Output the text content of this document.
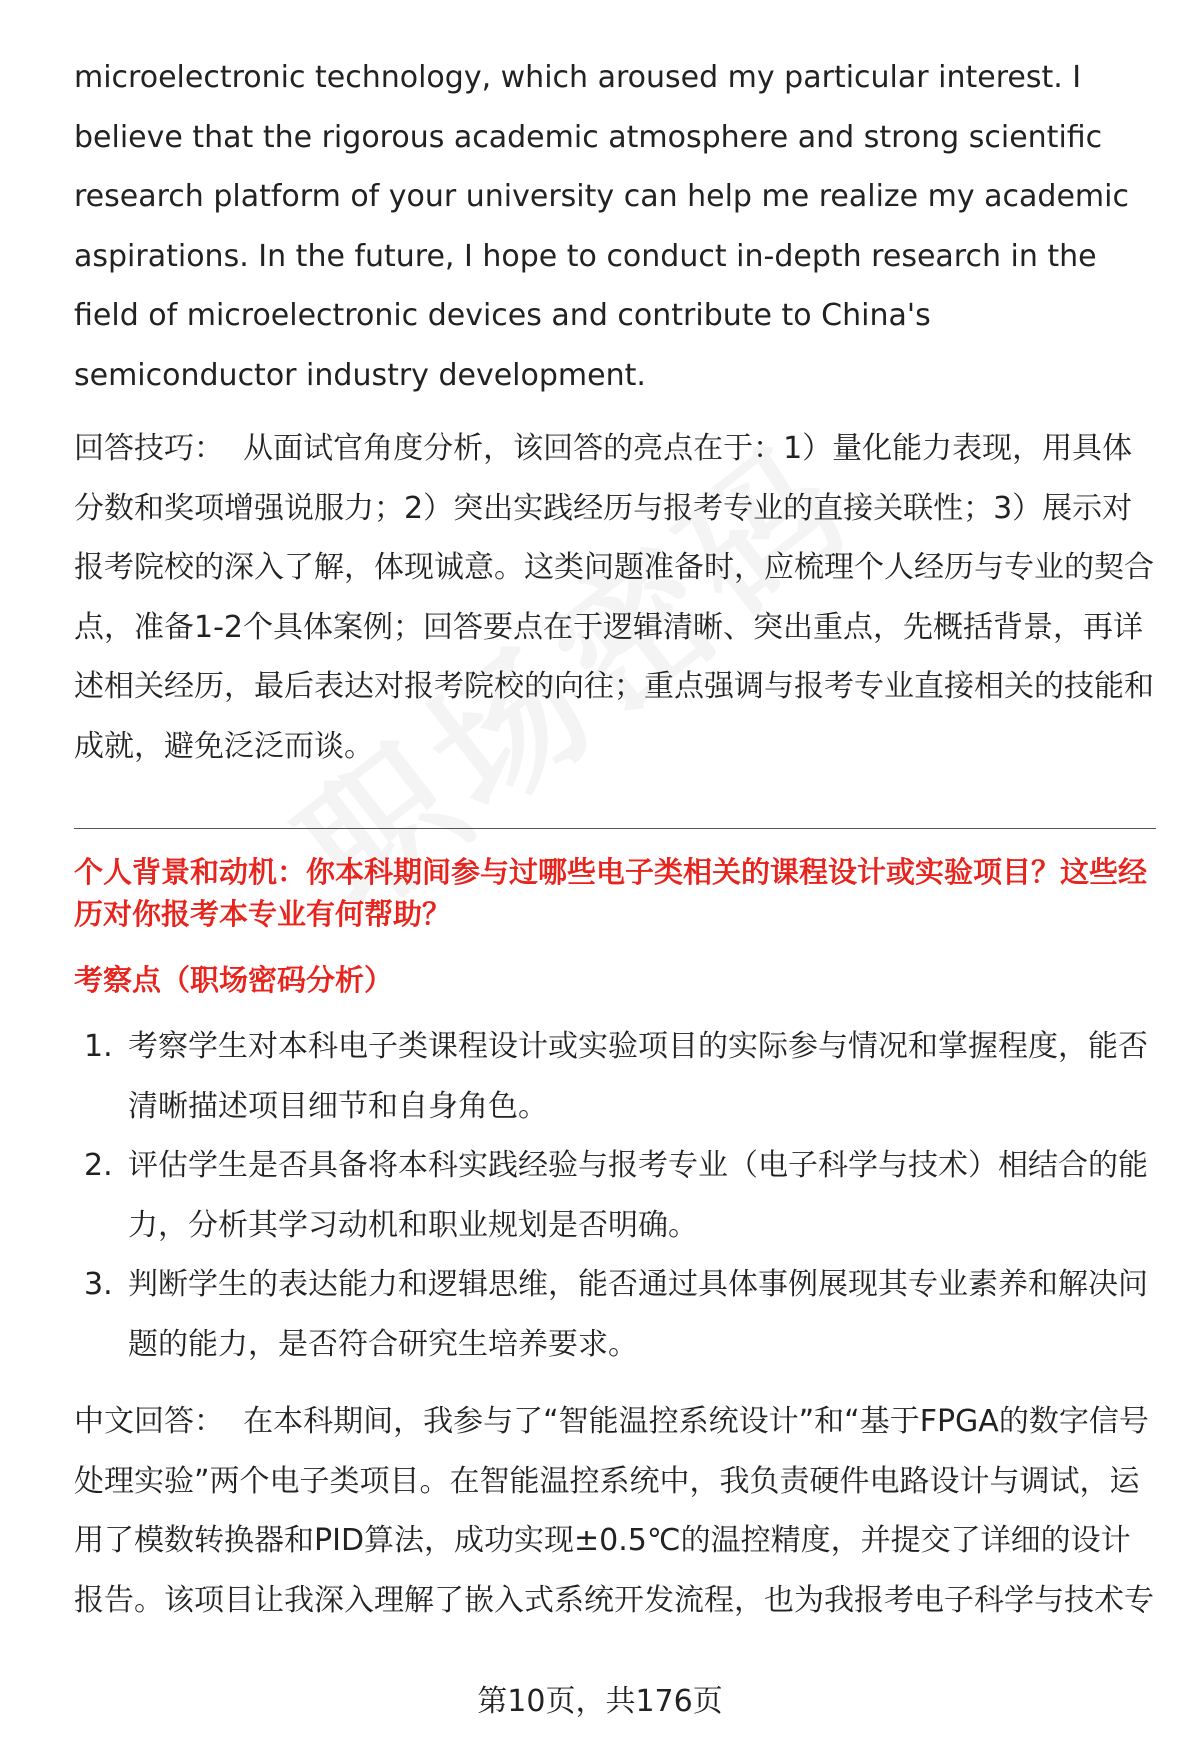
microelectronic technology, which aroused my particular interest. I believe that the rigorous academic atmosphere and strong scientific research platform of your university can help me realize my academic aspirations. In the future, I hope to conduct in-depth research in the field of microelectronic devices and contribute to China's semiconductor industry development.

回答技巧： 从面试官角度分析，该回答的亮点在于：1）量化能力表现，用具体分数和奖项增强说服力；2）突出实践经历与报考专业的直接关联性；3）展示对报考院校的深入了解，体现诚意。这类问题准备时，应梳理个人经历与专业的契合点，准备1-2个具体案例；回答要点在于逻辑清晰、突出重点，先概括背景，再详述相关经历，最后表达对报考院校的向往；重点强调与报考专业直接相关的技能和成就，避免泛泛而谈。

个人背景和动机：你本科期间参与过哪些电子类相关的课程设计或实验项目？这些经历对你报考本专业有何帮助？

考察点（职场密码分析）

1. 考察学生对本科电子类课程设计或实验项目的实际参与情况和掌握程度，能否清晰描述项目细节和自身角色。
2. 评估学生是否具备将本科实践经验与报考专业（电子科学与技术）相结合的能力，分析其学习动机和职业规划是否明确。
3. 判断学生的表达能力和逻辑思维，能否通过具体事例展现其专业素养和解决问题的能力，是否符合研究生培养要求。

中文回答： 在本科期间，我参与了“智能温控系统设计”和“基于FPGA的数字信号处理实验”两个电子类项目。在智能温控系统中，我负责硬件电路设计与调试，运用了模数转换器和PID算法，成功实现±0.5℃的温控精度，并提交了详细的设计报告。该项目让我深入理解了嵌入式系统开发流程，也为我报考电子科学与技术专

第10页，共176页
